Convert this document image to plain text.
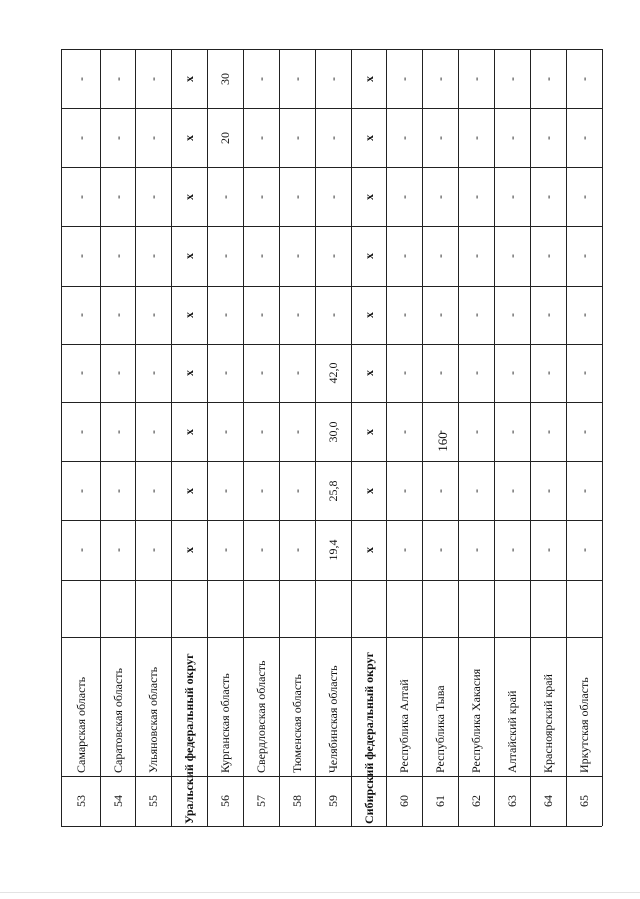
160
53
Самарская область
-
-
-
-
-
-
-
-
-
54
Саратовская область
-
-
-
-
-
-
-
-
-
55
Ульяновская область
-
-
-
-
-
-
-
-
-
Уральский федеральный округ
x
x
x
x
x
x
x
x
x
56
Курганская область
-
-
-
-
-
-
-
20
30
57
Свердловская область
-
-
-
-
-
-
-
-
-
58
Тюменская область
-
-
-
-
-
-
-
-
-
59
Челябинская область
19,4
25,8
30,0
42,0
-
-
-
-
-
Сибирский федеральный округ
x
x
x
x
x
x
x
x
x
60
Республика Алтай
-
-
-
-
-
-
-
-
-
61
Республика Тыва
-
-
-
-
-
-
-
-
-
62
Республика Хакасия
-
-
-
-
-
-
-
-
-
63
Алтайский край
-
-
-
-
-
-
-
-
-
64
Красноярский край
-
-
-
-
-
-
-
-
-
65
Иркутская область
-
-
-
-
-
-
-
-
-
